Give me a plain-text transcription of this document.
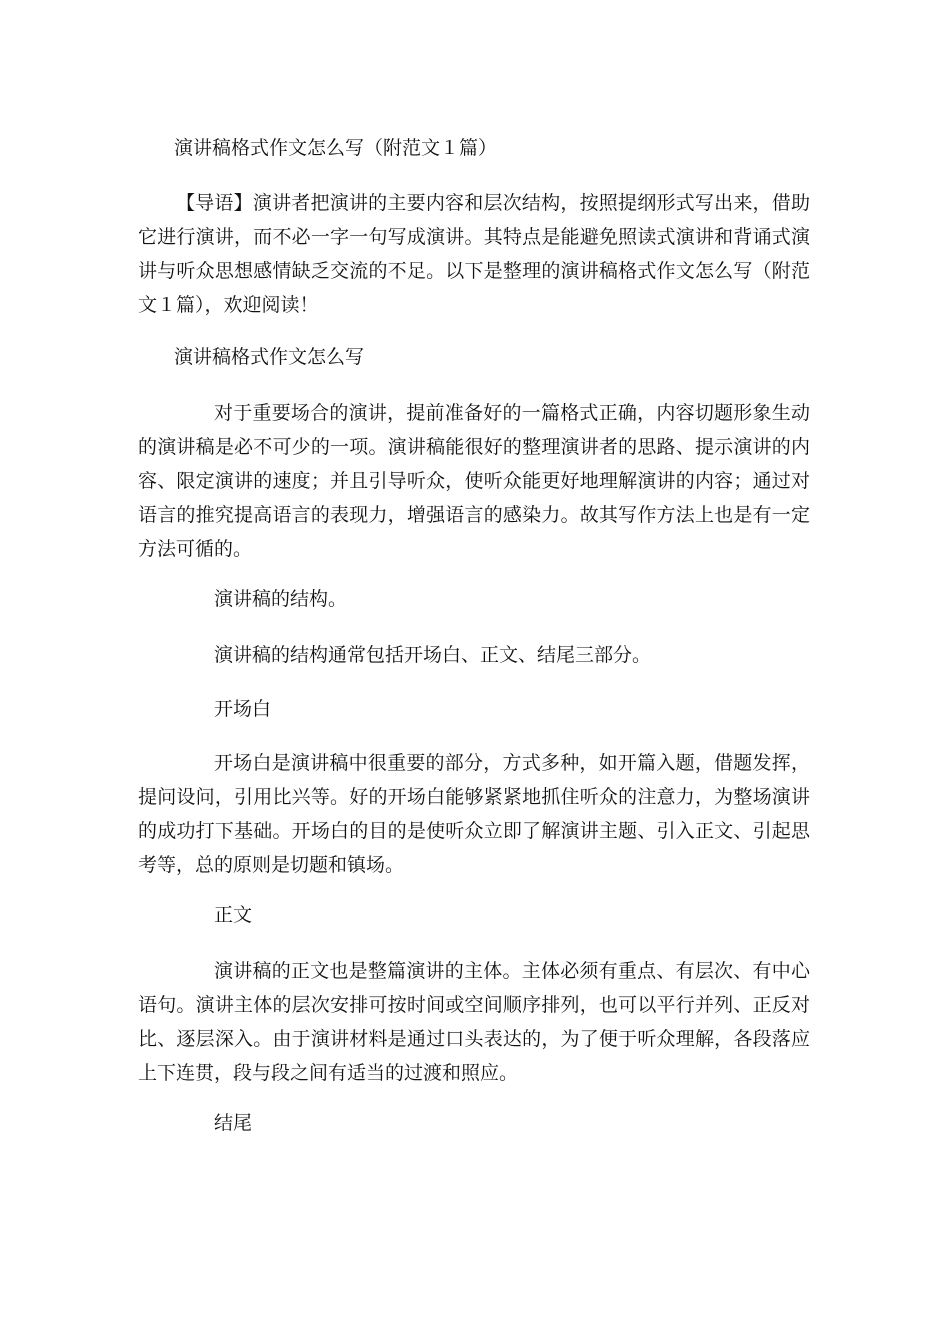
演讲稿格式作文怎么写（附范文１篇）

【导语】演讲者把演讲的主要内容和层次结构，按照提纲形式写出来，借助它进行演讲，而不必一字一句写成演讲。其特点是能避免照读式演讲和背诵式演讲与听众思想感情缺乏交流的不足。以下是整理的演讲稿格式作文怎么写（附范文１篇），欢迎阅读！

演讲稿格式作文怎么写

对于重要场合的演讲，提前准备好的一篇格式正确，内容切题形象生动的演讲稿是必不可少的一项。演讲稿能很好的整理演讲者的思路、提示演讲的内容、限定演讲的速度；并且引导听众，使听众能更好地理解演讲的内容；通过对语言的推究提高语言的表现力，增强语言的感染力。故其写作方法上也是有一定方法可循的。

演讲稿的结构。

演讲稿的结构通常包括开场白、正文、结尾三部分。

开场白

开场白是演讲稿中很重要的部分，方式多种，如开篇入题，借题发挥，提问设问，引用比兴等。好的开场白能够紧紧地抓住听众的注意力，为整场演讲的成功打下基础。开场白的目的是使听众立即了解演讲主题、引入正文、引起思考等，总的原则是切题和镇场。

正文

演讲稿的正文也是整篇演讲的主体。主体必须有重点、有层次、有中心语句。演讲主体的层次安排可按时间或空间顺序排列，也可以平行并列、正反对比、逐层深入。由于演讲材料是通过口头表达的，为了便于听众理解，各段落应上下连贯，段与段之间有适当的过渡和照应。

结尾
